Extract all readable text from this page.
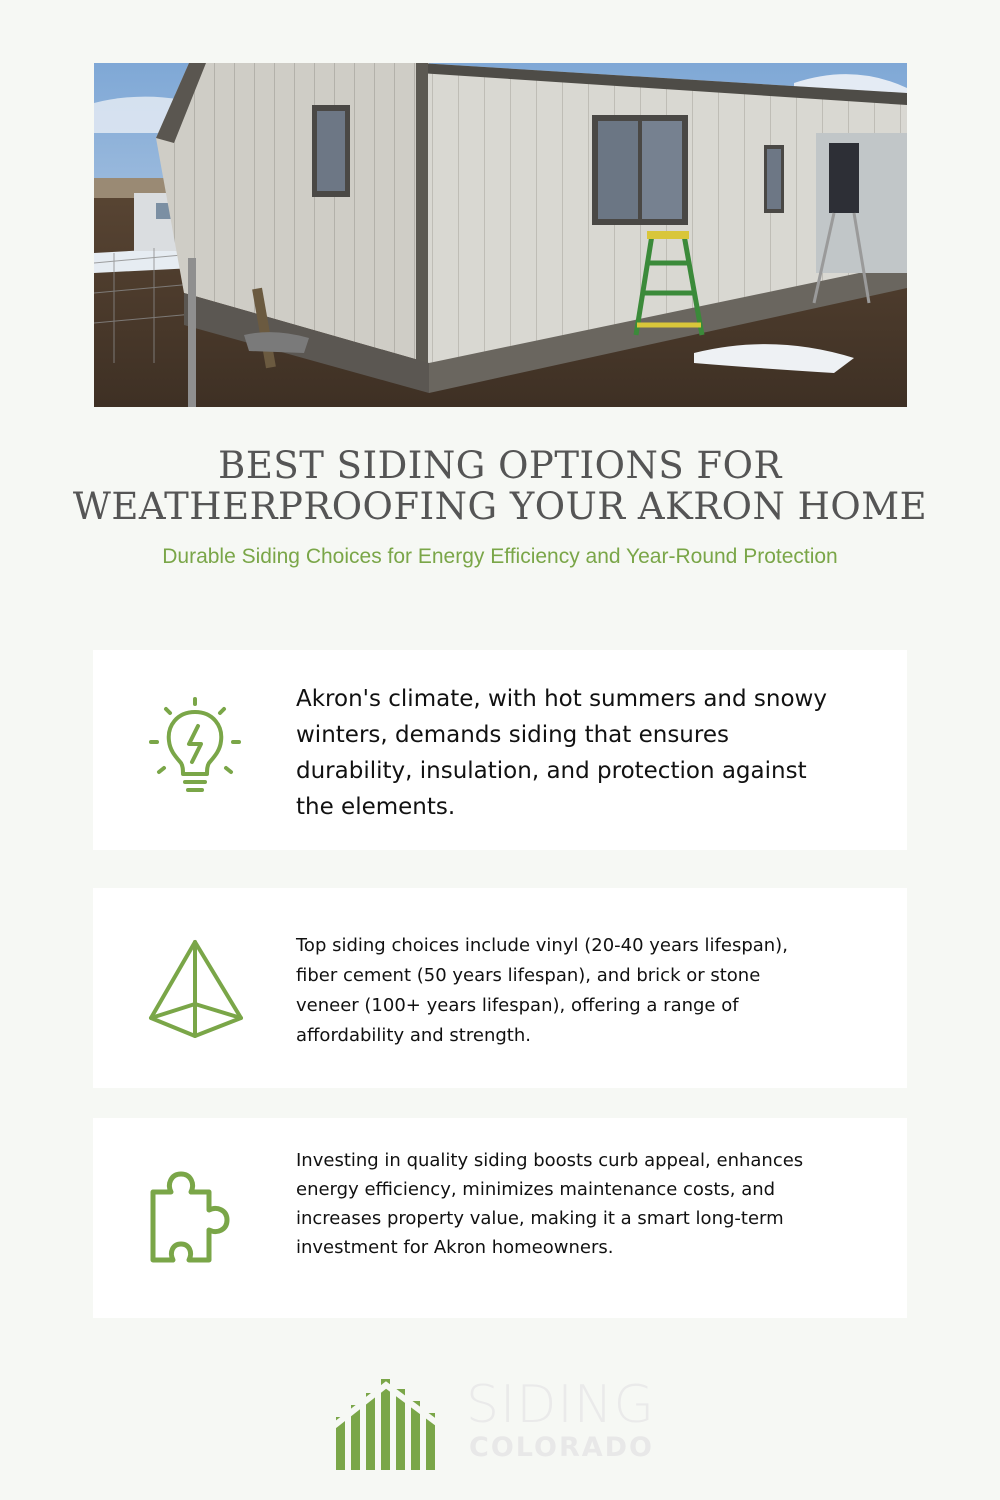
BEST SIDING OPTIONS FOR WEATHERPROOFING YOUR AKRON HOME

Durable Siding Choices for Energy Efficiency and Year-Round Protection

Akron's climate, with hot summers and snowy winters, demands siding that ensures durability, insulation, and protection against the elements.

Top siding choices include vinyl (20-40 years lifespan), fiber cement (50 years lifespan), and brick or stone veneer (100+ years lifespan), offering a range of affordability and strength.

Investing in quality siding boosts curb appeal, enhances energy efficiency, minimizes maintenance costs, and increases property value, making it a smart long-term investment for Akron homeowners.

SIDING
COLORADO
